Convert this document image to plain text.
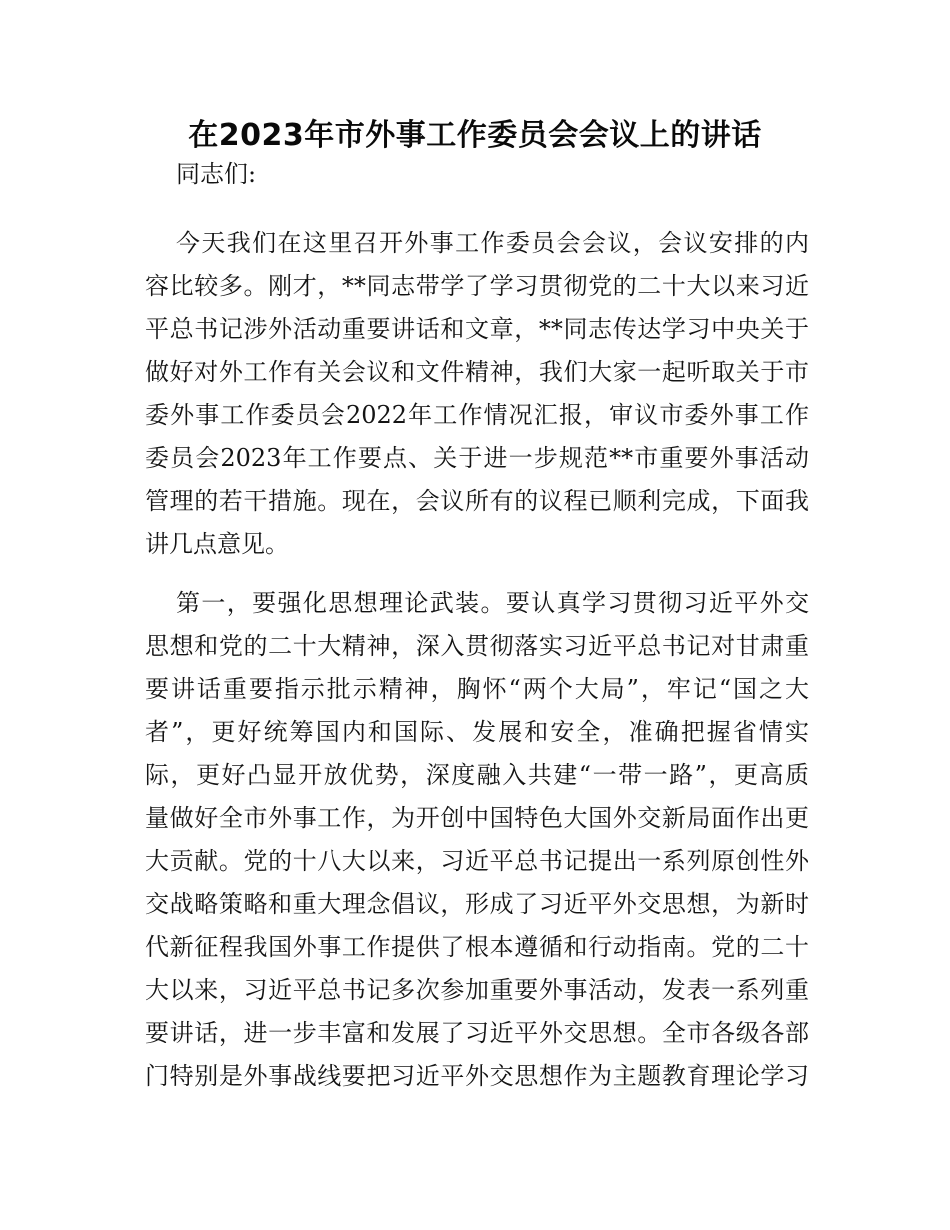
在2023年市外事工作委员会会议上的讲话
同志们:
今天我们在这里召开外事工作委员会会议，会议安排的内
容比较多。刚才，**同志带学了学习贯彻党的二十大以来习近
平总书记涉外活动重要讲话和文章，**同志传达学习中央关于
做好对外工作有关会议和文件精神，我们大家一起听取关于市
委外事工作委员会2022年工作情况汇报，审议市委外事工作
委员会2023年工作要点、关于进一步规范**市重要外事活动
管理的若干措施。现在，会议所有的议程已顺利完成，下面我
讲几点意见。
第一，要强化思想理论武装。要认真学习贯彻习近平外交
思想和党的二十大精神，深入贯彻落实习近平总书记对甘肃重
要讲话重要指示批示精神，胸怀“两个大局”，牢记“国之大
者”，更好统筹国内和国际、发展和安全，准确把握省情实
际，更好凸显开放优势，深度融入共建“一带一路”，更高质
量做好全市外事工作，为开创中国特色大国外交新局面作出更
大贡献。党的十八大以来，习近平总书记提出一系列原创性外
交战略策略和重大理念倡议，形成了习近平外交思想，为新时
代新征程我国外事工作提供了根本遵循和行动指南。党的二十
大以来，习近平总书记多次参加重要外事活动，发表一系列重
要讲话，进一步丰富和发展了习近平外交思想。全市各级各部
门特别是外事战线要把习近平外交思想作为主题教育理论学习
